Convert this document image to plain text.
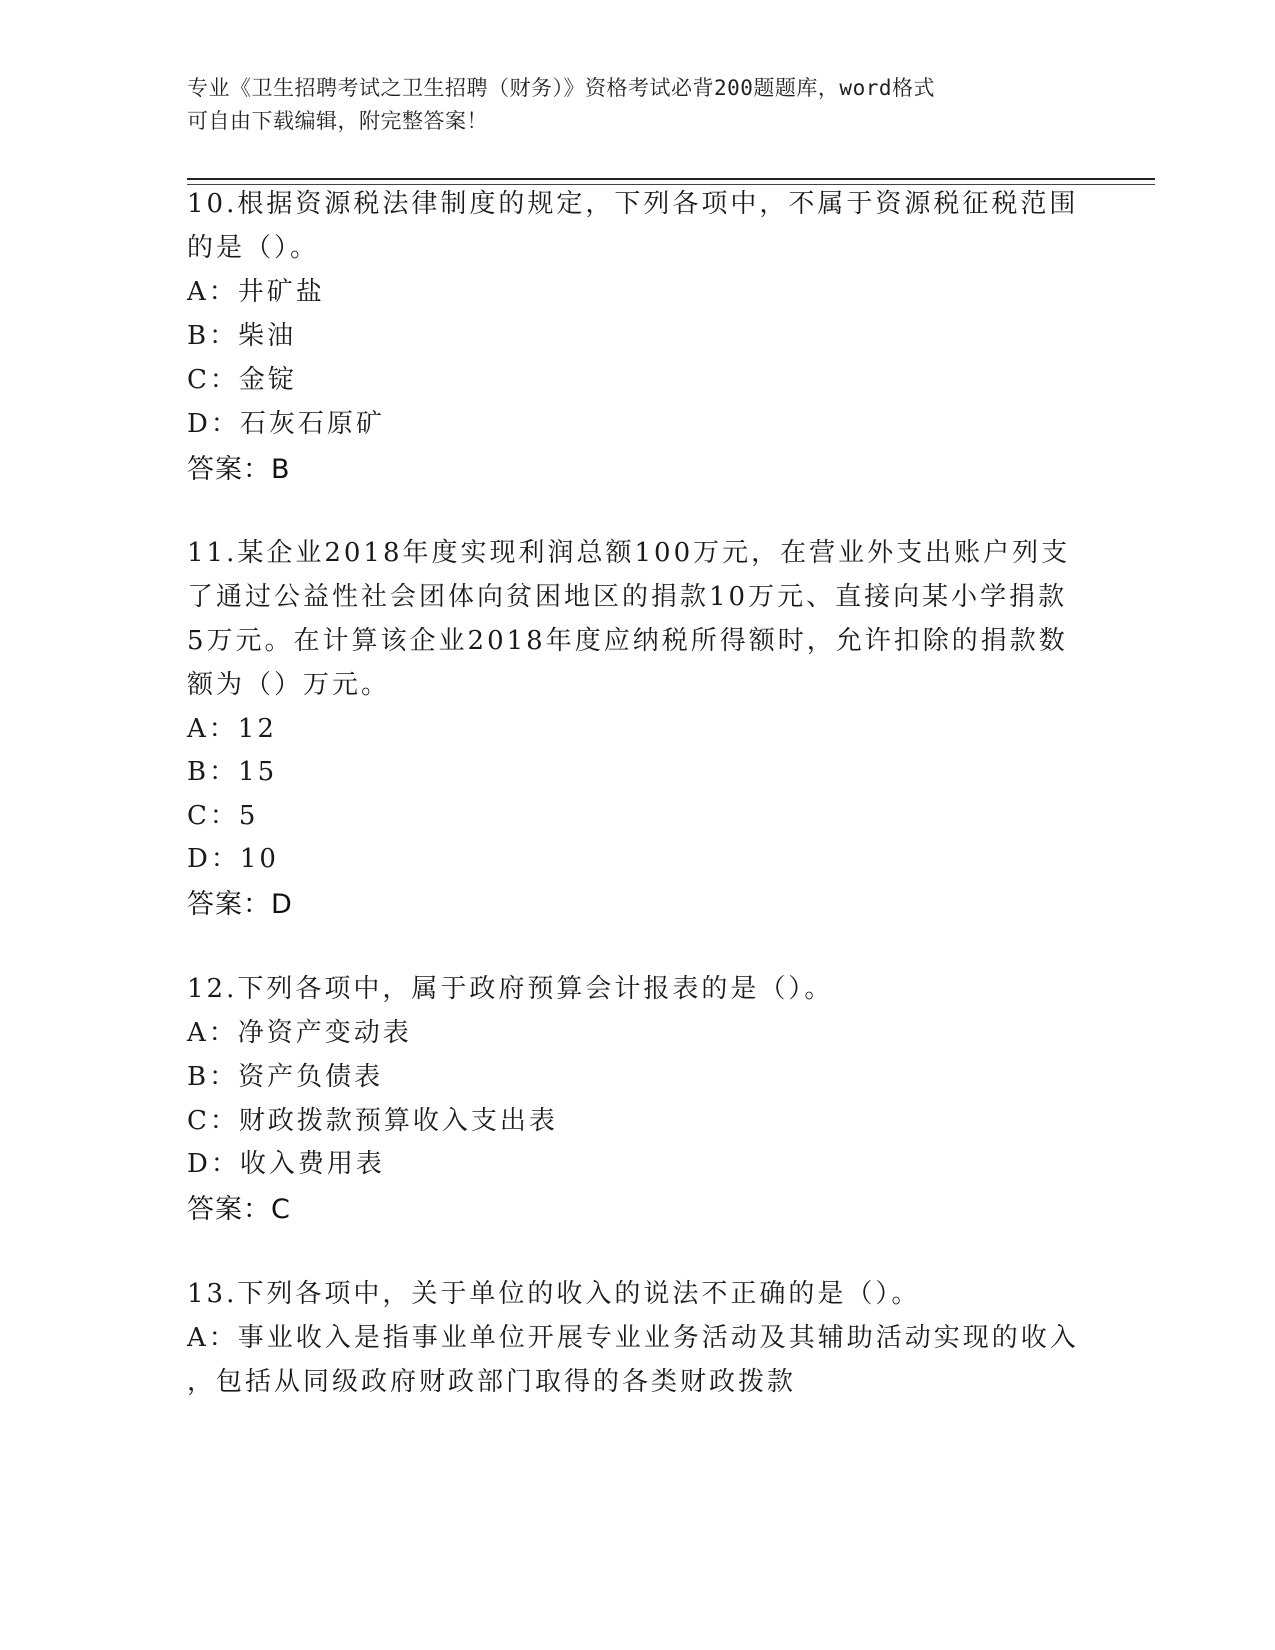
专业《卫生招聘考试之卫生招聘（财务）》资格考试必背200题题库，word格式
可自由下载编辑，附完整答案！
10.根据资源税法律制度的规定，下列各项中，不属于资源税征税范围
的是（）。
A：井矿盐
B：柴油
C：金锭
D：石灰石原矿
答案：B
11.某企业2018年度实现利润总额100万元，在营业外支出账户列支
了通过公益性社会团体向贫困地区的捐款10万元、直接向某小学捐款
5万元。在计算该企业2018年度应纳税所得额时，允许扣除的捐款数
额为（）万元。
A：12
B：15
C：5
D：10
答案：D
12.下列各项中，属于政府预算会计报表的是（）。
A：净资产变动表
B：资产负债表
C：财政拨款预算收入支出表
D：收入费用表
答案：C
13.下列各项中，关于单位的收入的说法不正确的是（）。
A：事业收入是指事业单位开展专业业务活动及其辅助活动实现的收入
，包括从同级政府财政部门取得的各类财政拨款
